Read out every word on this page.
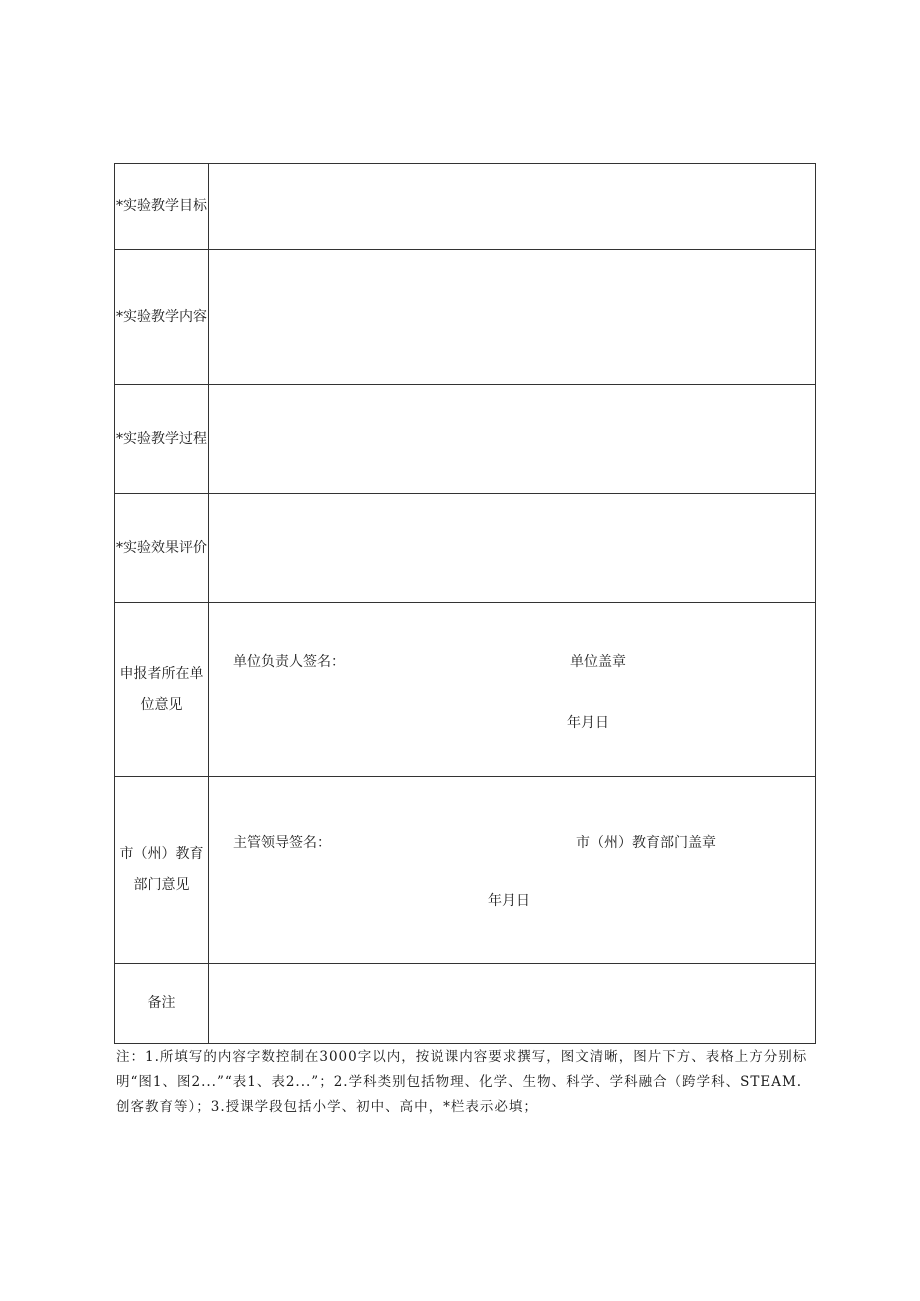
*实验教学目标	
*实验教学内容	
*实验教学过程	
*实验效果评价	
申报者所在单位意见	单位负责人签名： 单位盖章
年月日

市（州）教育部门意见	主管领导签名： 市（州）教育部门盖章
年月日

备注	

注：1.所填写的内容字数控制在3000字以内，按说课内容要求撰写，图文清晰，图片下方、表格上方分别标明“图1、图2...”“表1、表2...”；2.学科类别包括物理、化学、生物、科学、学科融合（跨学科、STEAM.创客教育等）；3.授课学段包括小学、初中、高中，*栏表示必填；
